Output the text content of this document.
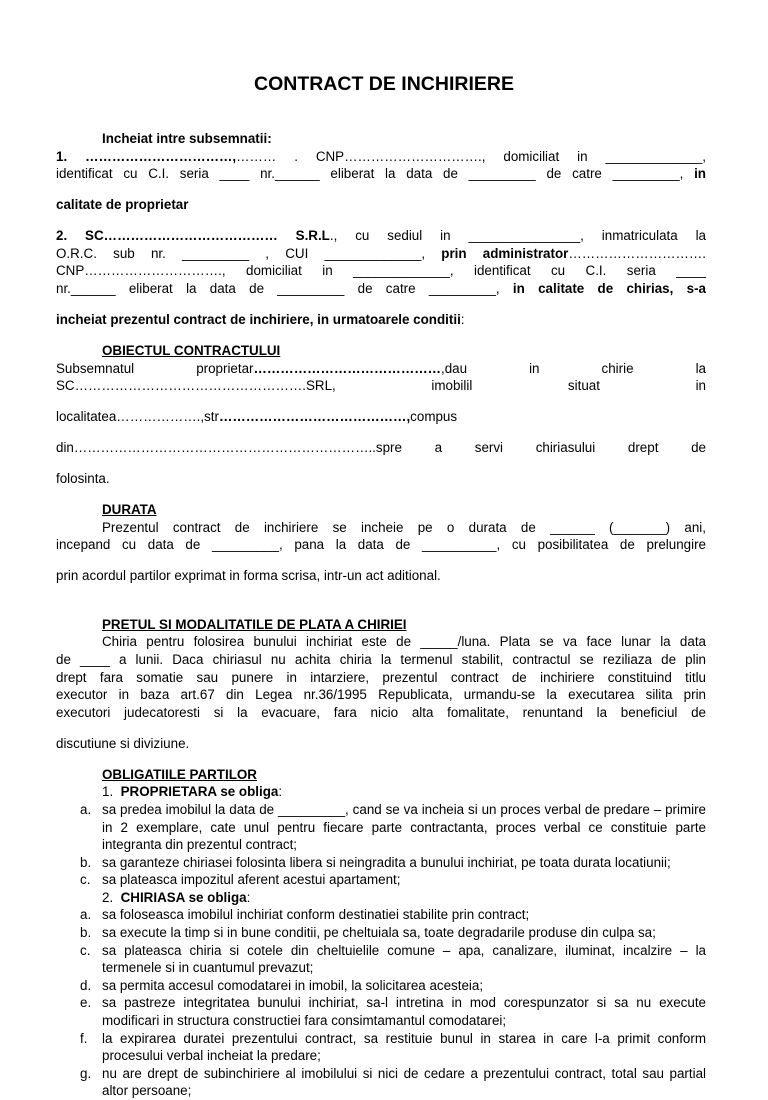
CONTRACT DE INCHIRIERE

Incheiat intre subsemnatii:

1. ……………………………,……… . CNP…………………………., domiciliat in _____________,

identificat cu C.I. seria ____ nr.______ eliberat la data de _________ de catre _________, in

calitate de proprietar

2. SC………………………………… S.R.L., cu sediul in _______________, inmatriculata la

O.R.C. sub nr. _________ , CUI _____________, prin administrator………………………….

CNP…………………………., domiciliat in _____________, identificat cu C.I. seria ____

nr.______ eliberat la data de _________ de catre _________, in calitate de chirias, s-a

incheiat prezentul contract de inchiriere, in urmatoarele conditii:

OBIECTUL CONTRACTULUI

Subsemnatul proprietar……………………………………,dau in chirie la

SC…………………………………………….SRL, imobilil situat in

localitatea……………….,str……………………………………,compus

din…………………………………………………………..spre a servi chiriasului drept de

folosinta.

DURATA

Prezentul contract de inchiriere se incheie pe o durata de ______ (_______) ani,

incepand cu data de _________, pana la data de __________, cu posibilitatea de prelungire

prin acordul partilor exprimat in forma scrisa, intr-un act aditional.

PRETUL SI MODALITATILE DE PLATA A CHIRIEI

Chiria pentru folosirea bunului inchiriat este de _____/luna. Plata se va face lunar la data

de ____ a lunii. Daca chiriasul nu achita chiria la termenul stabilit, contractul se reziliaza de plin

drept fara somatie sau punere in intarziere, prezentul contract de inchiriere constituind titlu

executor in baza art.67 din Legea nr.36/1995 Republicata, urmandu-se la executarea silita prin

executori judecatoresti si la evacuare, fara nicio alta fomalitate, renuntand la beneficiul de

discutiune si diviziune.

OBLIGATIILE PARTILOR

1. PROPRIETARA se obliga:

a. sa predea imobilul la data de _________, cand se va incheia si un proces verbal de predare – primire in 2 exemplare, cate unul pentru fiecare parte contractanta, proces verbal ce constituie parte integranta din prezentul contract;
b. sa garanteze chiriasei folosinta libera si neingradita a bunului inchiriat, pe toata durata locatiunii;
c. sa plateasca impozitul aferent acestui apartament;

2. CHIRIASA se obliga:

a. sa foloseasca imobilul inchiriat conform destinatiei stabilite prin contract;
b. sa execute la timp si in bune conditii, pe cheltuiala sa, toate degradarile produse din culpa sa;
c. sa plateasca chiria si cotele din cheltuielile comune – apa, canalizare, iluminat, incalzire – la termenele si in cuantumul prevazut;
d. sa permita accesul comodatarei in imobil, la solicitarea acesteia;
e. sa pastreze integritatea bunului inchiriat, sa-l intretina in mod corespunzator si sa nu execute modificari in structura constructiei fara consimtamantul comodatarei;
f.	la expirarea duratei prezentului contract, sa restituie bunul in starea in care l-a primit conform procesului verbal incheiat la predare;
g. nu are drept de subinchiriere al imobilului si nici de cedare a prezentului contract, total sau partial altor persoane;
